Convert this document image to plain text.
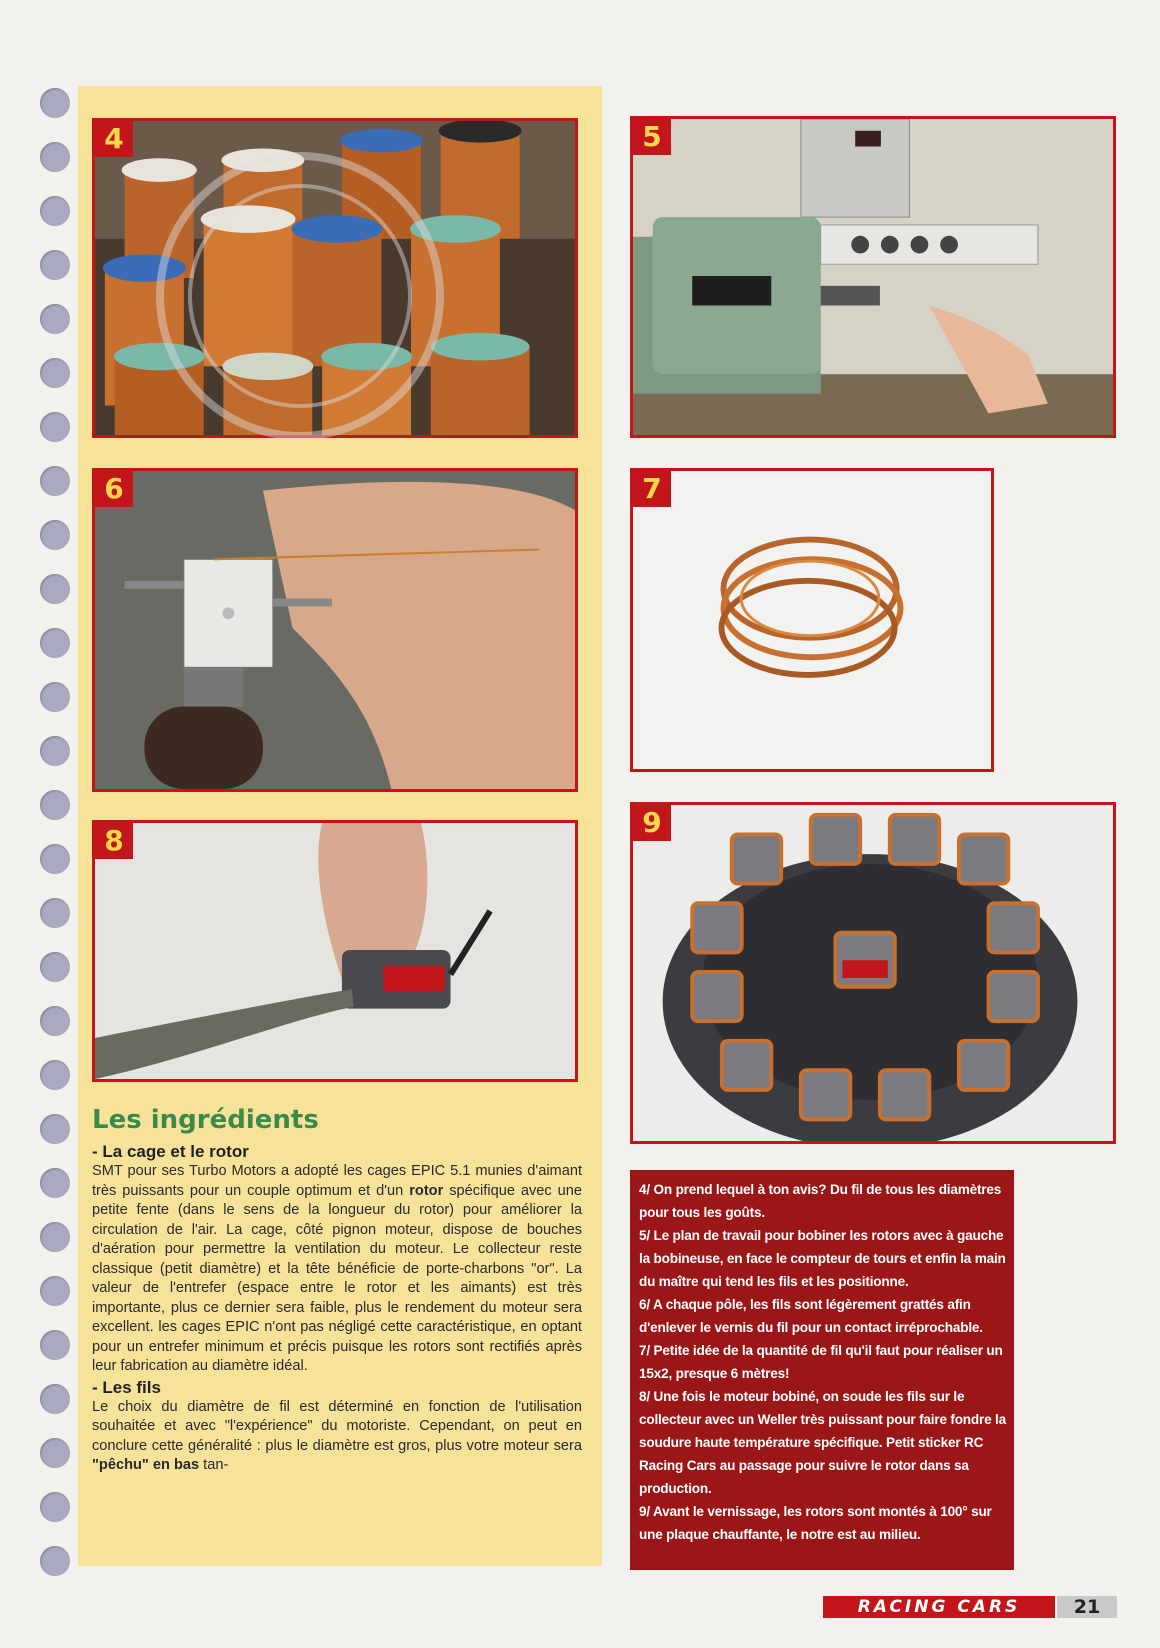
4	5
6	7
8
9
Les ingrédients
- La cage et le rotor

SMT pour ses Turbo Motors a adopté les cages EPIC 5.1 munies d'aimant très puissants pour un couple optimum et d'un rotor spécifique avec une petite fente (dans le sens de la longueur du rotor) pour améliorer la circulation de l'air. La cage, côté pignon moteur, dispose de bouches d'aération pour permettre la ventilation du moteur. Le collecteur reste classique (petit diamètre) et la tête bénéficie de porte-charbons "or". La valeur de l'entrefer (espace entre le rotor et les aimants) est très importante, plus ce dernier sera faible, plus le rendement du moteur sera excellent. les cages EPIC n'ont pas négligé cette caractéristique, en optant pour un entrefer minimum et précis puisque les rotors sont rectifiés après leur fabrication au diamètre idéal.

- Les fils

Le choix du diamètre de fil est déterminé en fonction de l'utilisation souhaitée et avec "l'expérience" du motoriste. Cependant, on peut en conclure cette généralité : plus le diamètre est gros, plus votre moteur sera "pêchu" en bas tan-

4/ On prend lequel à ton avis? Du fil de tous les diamètres pour tous les goûts.

5/ Le plan de travail pour bobiner les rotors avec à gauche la bobineuse, en face le compteur de tours et enfin la main du maître qui tend les fils et les positionne.

6/ A chaque pôle, les fils sont légèrement grattés afin d'enlever le vernis du fil pour un contact irréprochable.

7/ Petite idée de la quantité de fil qu'il faut pour réaliser un 15x2, presque 6 mètres!

8/ Une fois le moteur bobiné, on soude les fils sur le collecteur avec un Weller très puissant pour faire fondre la soudure haute température spécifique. Petit sticker RC Racing Cars au passage pour suivre le rotor dans sa production.

9/ Avant le vernissage, les rotors sont montés à 100° sur une plaque chauffante, le notre est au milieu.

RACING CARS	21
